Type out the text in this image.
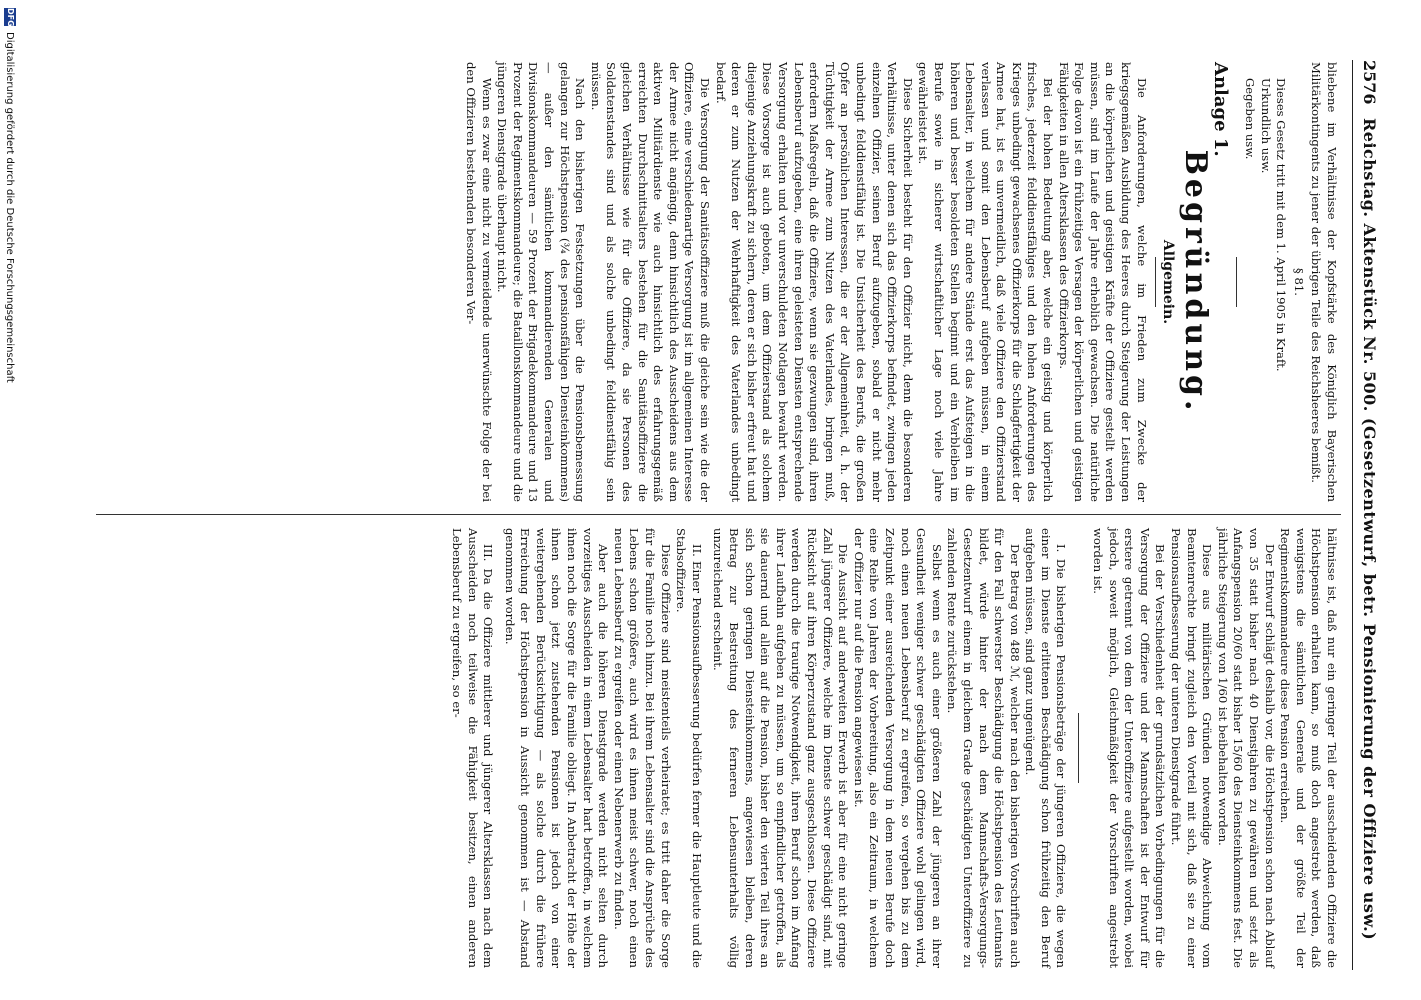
2576
Reichstag. Aktenstück Nr. 500. (Gesetzentwurf, betr. Pensionierung der Offiziere usw.)

bliebene im Verhältnisse der Kopfstärke des Königlich Bayerischen Militärkontingents zu jener der übrigen Teile des Reichsheeres bemißt.

§ 81.

Dieses Gesetz tritt mit dem 1. April 1905 in Kraft.

Urkundlich usw.

Gegeben usw.

Anlage 1.

Begründung.

Allgemein.

Die Anforderungen, welche im Frieden zum Zwecke der kriegsgemäßen Ausbildung des Heeres durch Steigerung der Leistungen an die körperlichen und geistigen Kräfte der Offiziere gestellt werden müssen, sind im Laufe der Jahre erheblich gewachsen. Die natürliche Folge davon ist ein frühzeitiges Versagen der körperlichen und geistigen Fähigkeiten in allen Altersklassen des Offizierkorps.

Bei der hohen Bedeutung aber, welche ein geistig und körperlich frisches, jederzeit felddienstfähiges und den hohen Anforderungen des Krieges unbedingt gewachsenes Offizierkorps für die Schlagfertigkeit der Armee hat, ist es unvermeidlich, daß viele Offiziere den Offizierstand verlassen und somit den Lebensberuf aufgeben müssen, in einem Lebensalter, in welchem für andere Stände erst das Aufsteigen in die höheren und besser besoldeten Stellen beginnt und ein Verbleiben im Berufe sowie in sicherer wirtschaftlicher Lage noch viele Jahre gewährleistet ist.

Diese Sicherheit besteht für den Offizier nicht, denn die besonderen Verhältnisse, unter denen sich das Offizierkorps befindet, zwingen jeden einzelnen Offizier, seinen Beruf aufzugeben, sobald er nicht mehr unbedingt felddienstfähig ist. Die Unsicherheit des Berufs, die großen Opfer an persönlichen Interessen, die er der Allgemeinheit, d. h. der Tüchtigkeit der Armee zum Nutzen des Vaterlandes, bringen muß, erfordern Maßregeln, daß die Offiziere, wenn sie gezwungen sind, ihren Lebensberuf aufzugeben, eine ihren geleisteten Diensten entsprechende Versorgung erhalten und vor unverschuldeten Notlagen bewahrt werden. Diese Vorsorge ist auch geboten, um dem Offizierstand als solchem diejenige Anziehungskraft zu sichern, deren er sich bisher erfreut hat und deren er zum Nutzen der Wehrhaftigkeit des Vaterlandes unbedingt bedarf.

Die Versorgung der Sanitätsoffiziere muß die gleiche sein wie die der Offiziere, eine verschiedenartige Versorgung ist im allgemeinen Interesse der Armee nicht angängig, denn hinsichtlich des Ausscheidens aus dem aktiven Militärdienste wie auch hinsichtlich des erfahrungsgemäß erreichten Durchschnittsalters bestehen für die Sanitätsoffiziere die gleichen Verhältnisse wie für die Offiziere, da sie Personen des Soldatenstandes sind und als solche unbedingt felddienstfähig sein müssen.

Nach den bisherigen Festsetzungen über die Pensionsbemessung gelangen zur Höchstpension (¾ des pensionsfähigen Diensteinkommens) — außer den sämtlichen kommandierenden Generalen und Divisionskommandeuren — 59 Prozent der Brigadekommandeure und 13 Prozent der Regimentskommandeure; die Bataillonskommandeure und die jüngeren Dienstgrade überhaupt nicht.

Wenn es zwar eine nicht zu vermeidende unerwünschte Folge der bei den Offizieren bestehenden besonderen Ver-

hältnisse ist, daß nur ein geringer Teil der ausscheidenden Offiziere die Höchstpension erhalten kann, so muß doch angestrebt werden, daß wenigstens die sämtlichen Generale und der größte Teil der Regimentskommandeure diese Pension erreichen.

Der Entwurf schlägt deshalb vor, die Höchstpension schon nach Ablauf von 35 statt bisher nach 40 Dienstjahren zu gewähren und setzt als Anfangspension 20/60 statt bisher 15/60 des Diensteinkommens fest. Die jährliche Steigerung von 1/60 ist beibehalten worden.

Diese aus militärischen Gründen notwendige Abweichung vom Beamtenrechte bringt zugleich den Vorteil mit sich, daß sie zu einer Pensionsaufbesserung der unteren Dienstgrade führt.

Bei der Verschiedenheit der grundsätzlichen Vorbedingungen für die Versorgung der Offiziere und der Mannschaften ist der Entwurf für erstere getrennt von dem der Unteroffiziere aufgestellt worden, wobei jedoch, soweit möglich, Gleichmäßigkeit der Vorschriften angestrebt worden ist.

I. Die bisherigen Pensionsbeträge der jüngeren Offiziere, die wegen einer im Dienste erlittenen Beschädigung schon frühzeitig den Beruf aufgeben müssen, sind ganz ungenügend.

Der Betrag von 488 ℳ, welcher nach den bisherigen Vorschriften auch für den Fall schwerster Beschädigung die Höchstpension des Leutnants bildet, würde hinter der nach dem Mannschafts-Versorgungs-Gesetzentwurf einem in gleichem Grade geschädigten Unteroffiziere zu zahlenden Rente zurückstehen.

Selbst wenn es auch einer größeren Zahl der jüngeren an ihrer Gesundheit weniger schwer geschädigten Offiziere wohl gelingen wird, noch einen neuen Lebensberuf zu ergreifen, so vergehen bis zu dem Zeitpunkt einer ausreichenden Versorgung in dem neuen Berufe doch eine Reihe von Jahren der Vorbereitung, also ein Zeitraum, in welchem der Offizier nur auf die Pension angewiesen ist.

Die Aussicht auf anderweiten Erwerb ist aber für eine nicht geringe Zahl jüngerer Offiziere, welche im Dienste schwer geschädigt sind, mit Rücksicht auf ihren Körperzustand ganz ausgeschlossen. Diese Offiziere werden durch die traurige Notwendigkeit, ihren Beruf schon im Anfang ihrer Laufbahn aufgeben zu müssen, um so empfindlicher getroffen, als sie dauernd und allein auf die Pension, bisher den vierten Teil ihres an sich schon geringen Diensteinkommens, angewiesen bleiben, deren Betrag zur Bestreitung des ferneren Lebensunterhalts völlig unzureichend erscheint.

II. Einer Pensionsaufbesserung bedürfen ferner die Hauptleute und die Stabsoffiziere.

Diese Offiziere sind meistenteils verheiratet; es tritt daher die Sorge für die Familie noch hinzu. Bei ihrem Lebensalter sind die Ansprüche des Lebens schon größere, auch wird es ihnen meist schwer, noch einen neuen Lebensberuf zu ergreifen oder einen Nebenerwerb zu finden.

Aber auch die höheren Dienstgrade werden nicht selten durch vorzeitiges Ausscheiden in einem Lebensalter hart betroffen, in welchem ihnen noch die Sorge für die Familie obliegt. In Anbetracht der Höhe der ihnen schon jetzt zustehenden Pensionen ist jedoch von einer weitergehenden Berücksichtigung — als solche durch die frühere Erreichung der Höchstpension in Aussicht genommen ist — Abstand genommen worden.

III. Da die Offiziere mittlerer und jüngerer Altersklassen nach dem Ausscheiden noch teilweise die Fähigkeit besitzen, einen anderen Lebensberuf zu ergreifen, so er-

DFG
Digitalisierung gefördert durch die Deutsche Forschungsgemeinschaft
